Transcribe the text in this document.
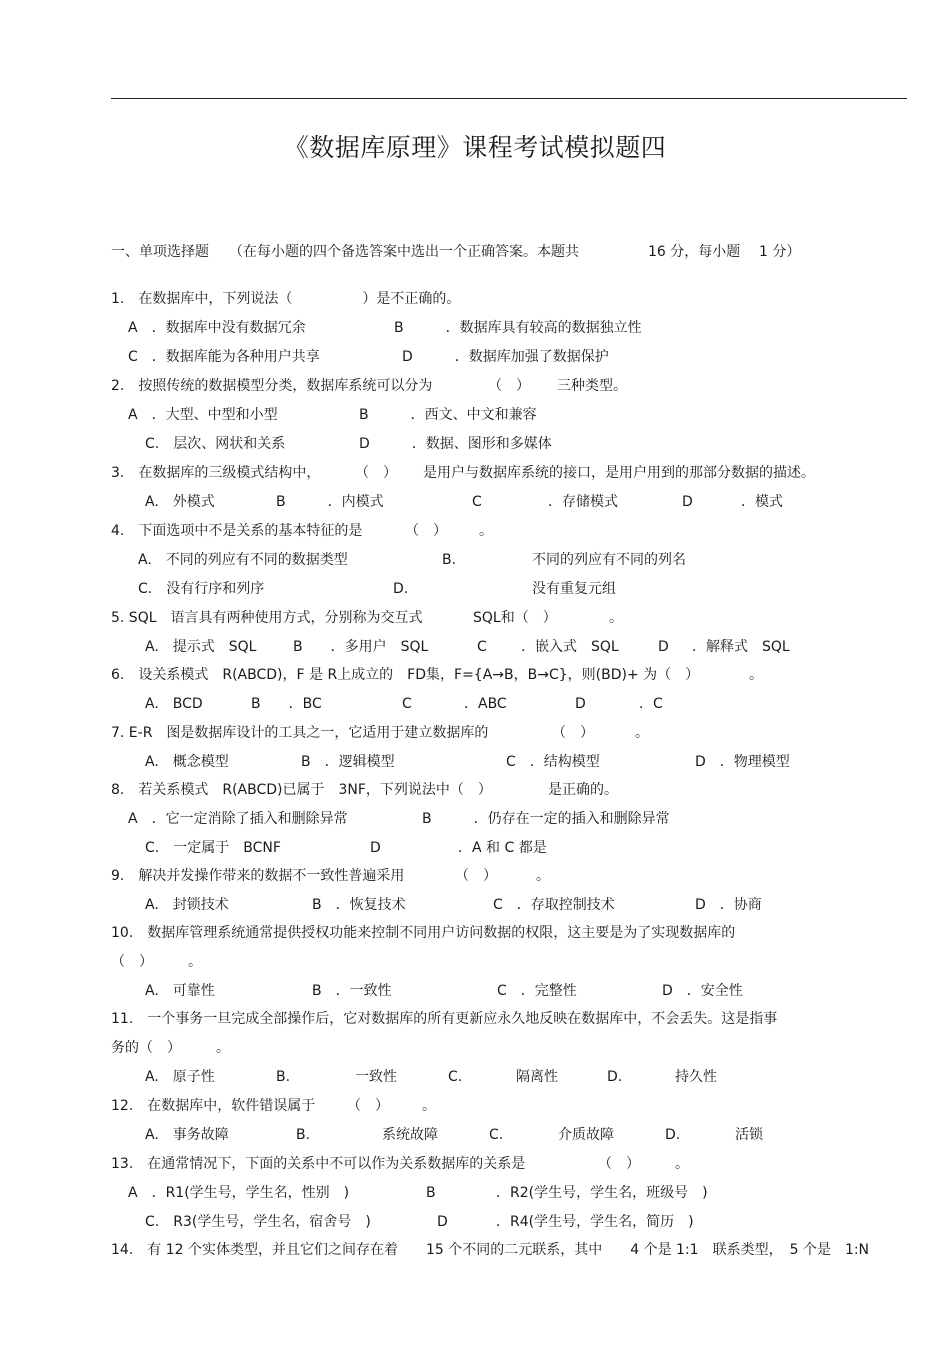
《数据库原理》课程考试模拟题四
一、单项选择题 （在每小题的四个备选答案中选出一个正确答案。本题共	16 分，每小题 1 分）
1.　在数据库中，下列说法（　　　　　）是不正确的。
A　．数据库中没有数据冗余	B　　　．数据库具有较高的数据独立性
C　．数据库能为各种用户共享	D　　　．数据库加强了数据保护
2.　按照传统的数据模型分类，数据库系统可以分为	（　） 三种类型。
A　．大型、中型和小型	B　　　．西文、中文和兼容
C.　层次、网状和关系	D　　　．数据、图形和多媒体
3.　在数据库的三级模式结构中， （　） 是用户与数据库系统的接口，是用户用到的那部分数据的描述。
A.　外模式	B　　　．内模式	C	．存储模式	D	．模式
4.　下面选项中不是关系的基本特征的是	（　） 。
A.　不同的列应有不同的数据类型	B.	不同的列应有不同的列名
C.　没有行序和列序	D.	没有重复元组
5. SQL　语言具有两种使用方式，分别称为交互式	SQL和（　）	。
A.　提示式　SQL	B　　．多用户　SQL	C ．嵌入式　SQL	D ．解释式　SQL
6.　设关系模式　R(ABCD)，F 是 R上成立的　FD集，F={A→B，B→C}，则(BD)+ 为（　）	。
A.　BCD	B　　．BC	C	．ABC	D	．C
7. E-R　图是数据库设计的工具之一，它适用于建立数据库的	（　）	。
A.　概念模型	B　．逻辑模型	C　．结构模型	D　．物理模型
8.　若关系模式　R(ABCD)已属于　3NF，下列说法中（　）	是正确的。
A　．它一定消除了插入和删除异常	B　　　．仍存在一定的插入和删除异常
C.　一定属于　BCNF	D	．A 和 C 都是
9.　解决并发操作带来的数据不一致性普遍采用	（　）	。
A.　封锁技术	B　．恢复技术	C　．存取控制技术	D　．协商
10.　数据库管理系统通常提供授权功能来控制不同用户访问数据的权限，这主要是为了实现数据库的
（　）　　　。
A.　可靠性	B　．一致性	C　．完整性	D　．安全性
11.　一个事务一旦完成全部操作后，它对数据库的所有更新应永久地反映在数据库中，不会丢失。这是指事
务的（　）　　　。
A.　原子性	B.	一致性	C.	隔离性	D.	持久性
12.　在数据库中，软件错误属于 （　） 。
A.　事务故障	B.	系统故障	C.	介质故障	D.	活锁
13.　在通常情况下，下面的关系中不可以作为关系数据库的关系是	（　）	。
A　．R1(学生号，学生名，性别　)	B	．R2(学生号，学生名，班级号　)
C.　R3(学生号，学生名，宿舍号　)	D	．R4(学生号，学生名，简历　)
14.　有 12 个实体类型，并且它们之间存在着　　15 个不同的二元联系，其中　　4 个是 1:1　联系类型，　5 个是　1:N
